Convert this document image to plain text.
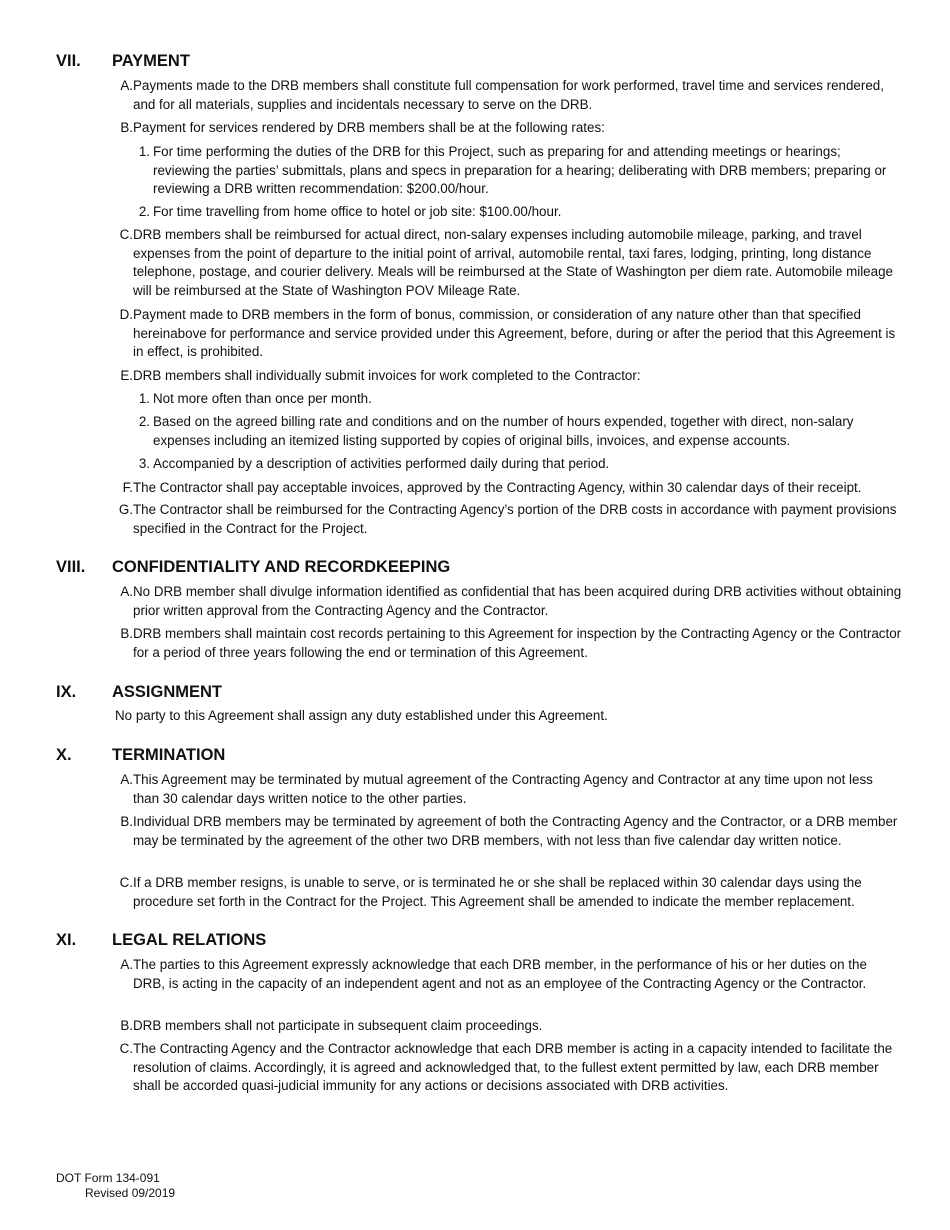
VII. PAYMENT
A. Payments made to the DRB members shall constitute full compensation for work performed, travel time and services rendered, and for all materials, supplies and incidentals necessary to serve on the DRB.
B. Payment for services rendered by DRB members shall be at the following rates:
1. For time performing the duties of the DRB for this Project, such as preparing for and attending meetings or hearings; reviewing the parties’ submittals, plans and specs in preparation for a hearing; deliberating with DRB members; preparing or reviewing a DRB written recommendation: $200.00/hour.
2. For time travelling from home office to hotel or job site: $100.00/hour.
C. DRB members shall be reimbursed for actual direct, non-salary expenses including automobile mileage, parking, and travel expenses from the point of departure to the initial point of arrival, automobile rental, taxi fares, lodging, printing, long distance telephone, postage, and courier delivery. Meals will be reimbursed at the State of Washington per diem rate. Automobile mileage will be reimbursed at the State of Washington POV Mileage Rate.
D. Payment made to DRB members in the form of bonus, commission, or consideration of any nature other than that specified hereinabove for performance and service provided under this Agreement, before, during or after the period that this Agreement is in effect, is prohibited.
E. DRB members shall individually submit invoices for work completed to the Contractor:
1. Not more often than once per month.
2. Based on the agreed billing rate and conditions and on the number of hours expended, together with direct, non-salary expenses including an itemized listing supported by copies of original bills, invoices, and expense accounts.
3. Accompanied by a description of activities performed daily during that period.
F. The Contractor shall pay acceptable invoices, approved by the Contracting Agency, within 30 calendar days of their receipt.
G. The Contractor shall be reimbursed for the Contracting Agency’s portion of the DRB costs in accordance with payment provisions specified in the Contract for the Project.
VIII. CONFIDENTIALITY AND RECORDKEEPING
A. No DRB member shall divulge information identified as confidential that has been acquired during DRB activities without obtaining prior written approval from the Contracting Agency and the Contractor.
B. DRB members shall maintain cost records pertaining to this Agreement for inspection by the Contracting Agency or the Contractor for a period of three years following the end or termination of this Agreement.
IX. ASSIGNMENT
No party to this Agreement shall assign any duty established under this Agreement.
X. TERMINATION
A. This Agreement may be terminated by mutual agreement of the Contracting Agency and Contractor at any time upon not less than 30 calendar days written notice to the other parties.
B. Individual DRB members may be terminated by agreement of both the Contracting Agency and the Contractor, or a DRB member may be terminated by the agreement of the other two DRB members, with not less than five calendar day written notice.
C. If a DRB member resigns, is unable to serve, or is terminated he or she shall be replaced within 30 calendar days using the procedure set forth in the Contract for the Project. This Agreement shall be amended to indicate the member replacement.
XI. LEGAL RELATIONS
A. The parties to this Agreement expressly acknowledge that each DRB member, in the performance of his or her duties on the DRB, is acting in the capacity of an independent agent and not as an employee of the Contracting Agency or the Contractor.
B. DRB members shall not participate in subsequent claim proceedings.
C. The Contracting Agency and the Contractor acknowledge that each DRB member is acting in a capacity intended to facilitate the resolution of claims. Accordingly, it is agreed and acknowledged that, to the fullest extent permitted by law, each DRB member shall be accorded quasi-judicial immunity for any actions or decisions associated with DRB activities.
DOT Form 134-091
Revised 09/2019
